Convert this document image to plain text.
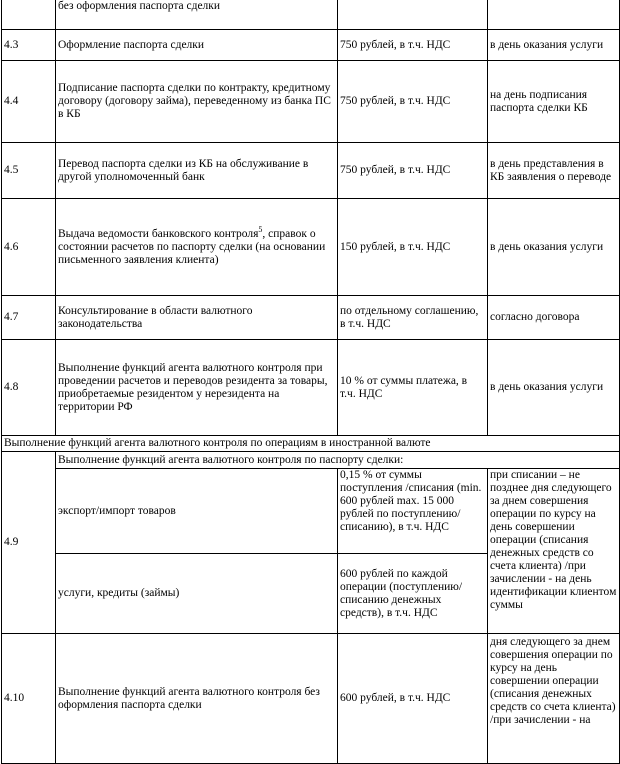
	без оформления паспорта сделки		
4.3	Оформление паспорта сделки	750 рублей, в т.ч. НДС	в день оказания услуги
4.4	Подписание паспорта сделки по контракту, кредитному договору (договору займа), переведенному из банка ПС в КБ	750 рублей, в т.ч. НДС	на день подписания паспорта сделки КБ
4.5	Перевод паспорта сделки из КБ на обслуживание в другой уполномоченный банк	750 рублей, в т.ч. НДС	в день представления в КБ заявления о переводе
4.6	Выдача ведомости банковского контроля$^5$, справок о состоянии расчетов по паспорту сделки (на основании письменного заявления клиента)	150 рублей, в т.ч. НДС	в день оказания услуги
4.7	Консультирование в области валютного законодательства	по отдельному соглашению, в т.ч. НДС	согласно договора
4.8	Выполнение функций агента валютного контроля при проведении расчетов и переводов резидента за товары, приобретаемые резидентом у нерезидента на территории РФ	10 % от суммы платежа, в т.ч. НДС	в день оказания услуги
Выполнение функций агента валютного контроля по операциям в иностранной валюте			
4.9	Выполнение функций агента валютного контроля по паспорту сделки:		
	экспорт/импорт товаров	0,15 % от суммы поступления /списания (min. 600 рублей max. 15 000 рублей по поступлению/списанию), в т.ч. НДС	при списании – не позднее дня следующего за днем совершения операции по курсу на день совершении операции (списания денежных средств со счета клиента) /при зачислении - на день идентификации клиентом суммы
	услуги, кредиты (займы)	600 рублей по каждой операции (поступлению/списанию денежных средств), в т.ч. НДС	
4.10	Выполнение функций агента валютного контроля без оформления паспорта сделки	600 рублей, в т.ч. НДС	дня следующего за днем совершения операции по курсу на день совершении операции (списания денежных средств со счета клиента) /при зачислении - на
